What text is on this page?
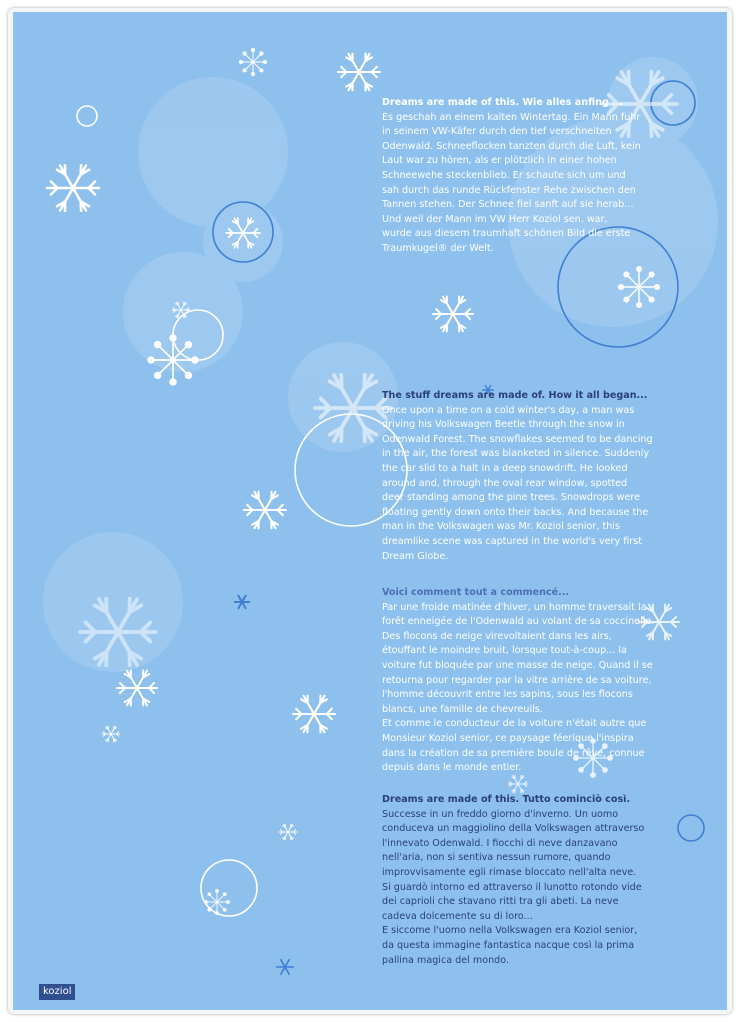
Dreams are made of this. Wie alles anfing ...
Es geschah an einem kalten Wintertag. Ein Mann fuhr
in seinem VW-Käfer durch den tief verschneiten
Odenwald. Schneeflocken tanzten durch die Luft, kein
Laut war zu hören, als er plötzlich in einer hohen
Schneewehe steckenblieb. Er schaute sich um und
sah durch das runde Rückfenster Rehe zwischen den
Tannen stehen. Der Schnee fiel sanft auf sie herab...
Und weil der Mann im VW Herr Koziol sen. war,
wurde aus diesem traumhaft schönen Bild die erste
Traumkugel® der Welt.
The stuff dreams are made of. How it all began...
Once upon a time on a cold winter's day, a man was
driving his Volkswagen Beetle through the snow in
Odenwald Forest. The snowflakes seemed to be dancing
in the air, the forest was blanketed in silence. Suddenly
the car slid to a halt in a deep snowdrift. He looked
around and, through the oval rear window, spotted
deer standing among the pine trees. Snowdrops were
floating gently down onto their backs. And because the
man in the Volkswagen was Mr. Koziol senior, this
dreamlike scene was captured in the world's very first
Dream Globe.
Voici comment tout a commencé...
Par une froide matinée d'hiver, un homme traversait la
forêt enneigée de l'Odenwald au volant de sa coccinelle.
Des flocons de neige virevoltaient dans les airs,
étouffant le moindre bruit, lorsque tout-à-coup... la
voiture fut bloquée par une masse de neige. Quand il se
retourna pour regarder par la vitre arrière de sa voiture,
l'homme découvrit entre les sapins, sous les flocons
blancs, une famille de chevreuils.
Et comme le conducteur de la voiture n'était autre que
Monsieur Koziol senior, ce paysage féerique l'inspira
dans la création de sa première boule de rêve, connue
depuis dans le monde entier.
Dreams are made of this. Tutto cominciò così.
Successe in un freddo giorno d'inverno. Un uomo
conduceva un maggiolino della Volkswagen attraverso
l'innevato Odenwald. I fiocchi di neve danzavano
nell'aria, non si sentiva nessun rumore, quando
improvvisamente egli rimase bloccato nell'alta neve.
Si guardò intorno ed attraverso il lunotto rotondo vide
dei caprioli che stavano ritti tra gli abeti. La neve
cadeva dolcemente su di loro...
E siccome l'uomo nella Volkswagen era Koziol senior,
da questa immagine fantastica nacque così la prima
pallina magica del mondo.
koziol
